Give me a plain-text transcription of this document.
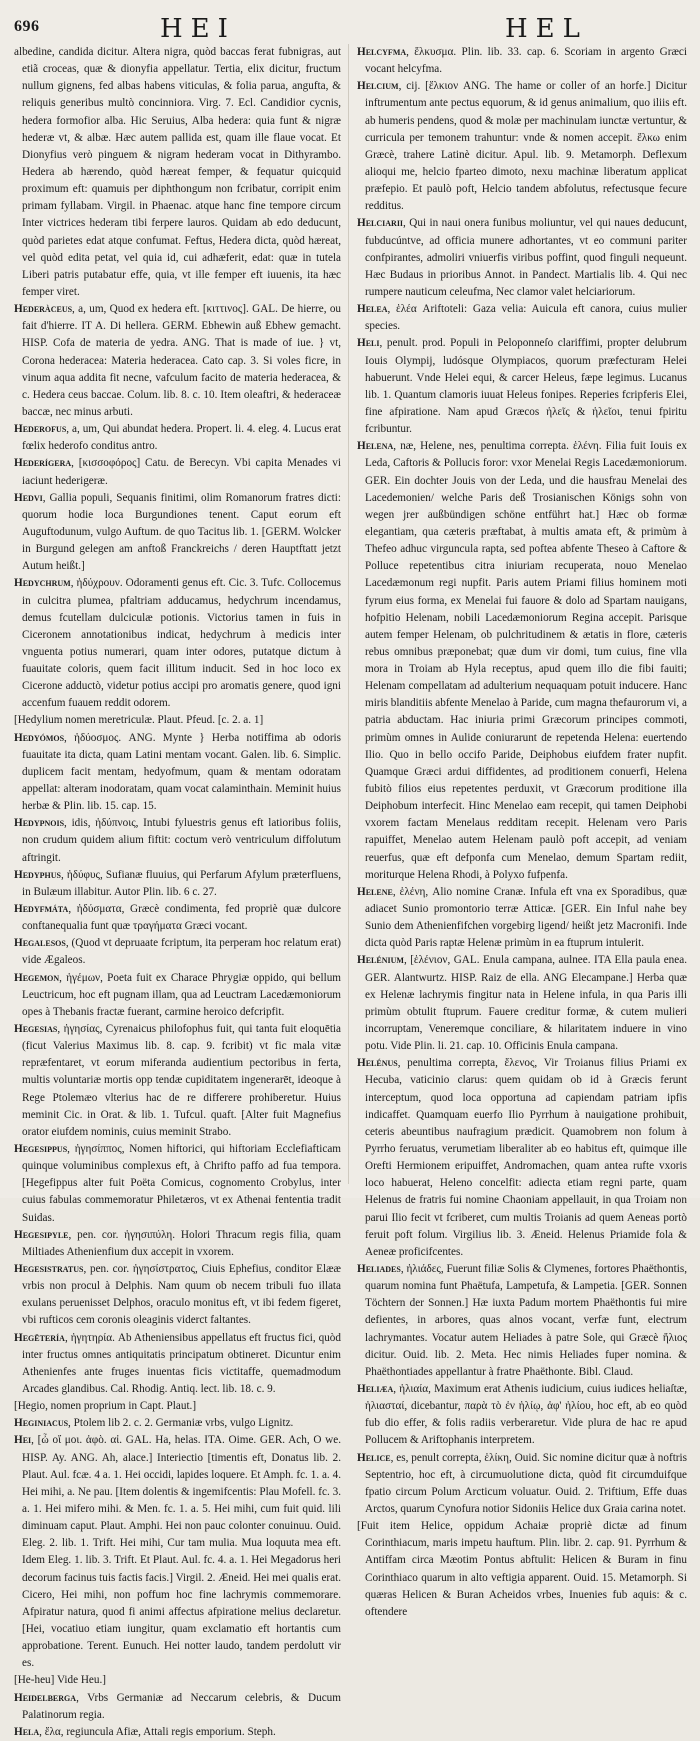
696	HEI	HEL

albedine, candida dicitur. Altera nigra, quòd baccas ferat fubnigras, aut etiã croceas, quæ & dionyfia appellatur. Tertia, elix dicitur, fructum nullum gignens, fed albas habens viticulas, & folia parua, angufta, & reliquis generibus multò concinniora. Virg. 7. Ecl. Candidior cycnis, hedera formofior alba. Hic Seruius, Alba hedera: quia funt & nigræ hederæ vt, & albæ. Hæc autem pallida est, quam ille flaue vocat. Et Dionyfius verò pinguem & nigram hederam vocat in Dithyrambo. Hedera ab hærendo, quòd hæreat femper, & fequatur quicquid proximum eft: quamuis per diphthongum non fcribatur, corripit enim primam fyllabam. Virgil. in Phaenac. atque hanc fine tempore circum Inter victrices hederam tibi ferpere lauros. Quidam ab edo deducunt, quòd parietes edat atque confumat. Feftus, Hedera dicta, quòd hæreat, vel quòd edita petat, vel quia id, cui adhæferit, edat: quæ in tutela Liberi patris putabatur effe, quia, vt ille femper eft iuuenis, ita hæc femper viret.

Hederàceus, a, um, Quod ex hedera eft. [κιττινος]. GAL. De hierre, ou fait d'hierre. IT A. Di hellera. GERM. Ebhewin auß Ebhew gemacht. HISP. Cofa de materia de yedra. ANG. That is made of iue. } vt, Corona hederacea: Materia hederacea. Cato cap. 3. Si voles ficre, in vinum aqua addita fit necne, vafculum facito de materia hederacea, & c. Hedera ceus baccae. Colum. lib. 8. c. 10. Item oleaftri, & hederaceæ baccæ, nec minus arbuti.

Hederofus, a, um, Qui abundat hedera. Propert. li. 4. eleg. 4. Lucus erat fœlix hederofo conditus antro.

Hederígera, [κισσοφόρος] Catu. de Berecyn. Vbi capita Menades vi iaciunt hederigeræ.

Hedvi, Gallia populi, Sequanis finitimi, olim Romanorum fratres dicti: quorum hodie loca Burgundiones tenent. Caput eorum eft Auguftodunum, vulgo Auftum. de quo Tacitus lib. 1. [GERM. Wolcker in Burgund gelegen am anftoß Franckreichs / deren Hauptftatt jetzt Autum heißt.]

Hedychrum, ἡδύχρουν. Odoramenti genus eft. Cic. 3. Tufc. Collocemus in culcitra plumea, pfaltriam adducamus, hedychrum incendamus, demus fcutellam dulciculæ potionis. Victorius tamen in fuis in Ciceronem annotationibus indicat, hedychrum à medicis inter vnguenta potius numerari, quam inter odores, putatque dictum à fuauitate coloris, quem facit illitum inducit. Sed in hoc loco ex Cicerone adductò, videtur potius accipi pro aromatis genere, quod igni accenfum fuauem reddit odorem.

[Hedylium nomen meretriculæ. Plaut. Pfeud. [c. 2. a. 1]

Hedyómos, ἡδύοσμος. ANG. Mynte } Herba notiffima ab odoris fuauitate ita dicta, quam Latini mentam vocant. Galen. lib. 6. Simplic. duplicem facit mentam, hedyofmum, quam & mentam odoratam appellat: alteram inodoratam, quam vocat calaminthain. Meminit huius herbæ & Plin. lib. 15. cap. 15.

Hedypnois, idis, ἡδύπνοις, Intubi fyluestris genus eft latioribus foliis, non crudum quidem alium fiftit: coctum verò ventriculum diffolutum aftringit.

Hedyphus, ἡδύφυς, Sufianæ fluuius, qui Perfarum Afylum præterfluens, in Bulæum illabitur. Autor Plin. lib. 6 c. 27.

Hedyfmáta, ἡδύσματα, Græcè condimenta, fed propriè quæ dulcore conftanequalia funt quæ τραγήματα Græci vocant.

Hegalesos, (Quod vt depruaate fcriptum, ita perperam hoc relatum erat) vide Ægaleos.

Hegemon, ἡγέμων, Poeta fuit ex Charace Phrygiæ oppido, qui bellum Leuctricum, hoc eft pugnam illam, qua ad Leuctram Lacedæmoniorum opes à Thebanis fractæ fuerant, carmine heroico defcripfit.

Hegesias, ἡγησίας, Cyrenaicus philofophus fuit, qui tanta fuit eloquētia (ficut Valerius Maximus lib. 8. cap. 9. fcribit) vt fic mala vitæ repræfentaret, vt eorum miferanda audientium pectoribus in ferta, multis voluntariæ mortis opp tendæ cupiditatem ingenerarēt, ideoque à Rege Ptolemæo vlterius hac de re differere prohiberetur. Huius meminit Cic. in Orat. & lib. 1. Tufcul. quaft. [Alter fuit Magnefius orator eiufdem nominis, cuius meminit Strabo.

Hegesippus, ἡγησίππος, Nomen hiftorici, qui hiftoriam Ecclefiafticam quinque voluminibus complexus eft, à Chrifto paffo ad fua tempora. [Hegefippus alter fuit Poëta Comicus, cognomento Crobylus, inter cuius fabulas commemoratur Philetæros, vt ex Athenai fententia tradit Suidas.

Hegesipyle, pen. cor. ἡγησιπύλη. Holori Thracum regis filia, quam Miltiades Athenienfium dux accepit in vxorem.

Hegesistratus, pen. cor. ἡγησίστρατος, Ciuis Ephefius, conditor Elææ vrbis non procul à Delphis. Nam quum ob necem tribuli fuo illata exulans peruenisset Delphos, oraculo monitus eft, vt ibi fedem figeret, vbi rufticos cem coronis oleaginis viderct faltantes.

Hegētería, ἡγητηρία. Ab Atheniensibus appellatus eft fructus fici, quòd inter fructus omnes antiquitatis principatum obtineret. Dicuntur enim Athenienfes ante fruges inuentas ficis victitaffe, quemadmodum Arcades glandibus. Cal. Rhodig. Antiq. lect. lib. 18. c. 9.

[Hegio, nomen proprium in Capt. Plaut.]

Heginiacus, Ptolem lib 2. c. 2. Germaniæ vrbs, vulgo Lignitz.

Hei, [ὦ οἴ μοι. ἀφὸ. αἰ. GAL. Ha, helas. ITA. Oime. GER. Ach, O we. HISP. Ay. ANG. Ah, alace.] Interiectio [timentis eft, Donatus lib. 2. Plaut. Aul. fcæ. 4 a. 1. Hei occidi, lapides loquere. Et Amph. fc. 1. a. 4. Hei mihi, a. Ne pau. [Item dolentis & ingemifcentis: Plau Mofell. fc. 3. a. 1. Hei mifero mihi. & Men. fc. 1. a. 5. Hei mihi, cum fuit quid. lili diminuam caput. Plaut. Amphi. Hei non pauc colonter conuinuu. Ouid. Eleg. 2. lib. 1. Trift. Hei mihi, Cur tam mulia. Mua loquuta mea eft. Idem Eleg. 1. lib. 3. Trift. Et Plaut. Aul. fc. 4. a. 1. Hei Megadorus heri decorum facinus tuis factis facis.] Virgil. 2. Æneid. Hei mei qualis erat. Cicero, Hei mihi, non poffum hoc fine lachrymis commemorare. Afpiratur natura, quod fi animi affectus afpiratione melius declaretur. [Hei, vocatiuo etiam iungitur, quam exclamatio eft hortantis cum approbatione. Terent. Eunuch. Hei notter laudo, tandem perdolutt vir es.

[He-heu] Vide Heu.]

Heidelberga, Vrbs Germaniæ ad Neccarum celebris, & Ducum Palatinorum regia.

Hela, ἕλα, regiuncula Afiæ, Attali regis emporium. Steph.

Helcyfma, ἕλκυσμα. Plin. lib. 33. cap. 6. Scoriam in argento Græci vocant helcyfma.

Helcium, cij. [ἕλκιον ANG. The hame or coller of an horfe.] Dicitur inftrumentum ante pectus equorum, & id genus animalium, quo iliis eft. ab humeris pendens, quod & molæ per machinulam iunctæ vertuntur, & curricula per temonem trahuntur: vnde & nomen accepit. ἕλκω enim Græcè, trahere Latinè dicitur. Apul. lib. 9. Metamorph. Deflexum alioqui me, helcio fparteo dimoto, nexu machinæ liberatum applicat præfepio. Et paulò poft, Helcio tandem abfolutus, refectusque fecure redditus.

Helciarii, Qui in naui onera funibus moliuntur, vel qui naues deducunt, fubducúntve, ad officia munere adhortantes, vt eo communi pariter confpirantes, admoliri vniuerfis viribus poffint, quod finguli nequeunt. Hæc Budaus in prioribus Annot. in Pandect. Martialis lib. 4. Qui nec rumpere nauticum celeufma, Nec clamor valet helciariorum.

Helea, ἑλέα Ariftoteli: Gaza velia: Auicula eft canora, cuius mulier species.

Heli, penult. prod. Populi in Peloponneſo clariffimi, propter delubrum Iouis Olympij, ludósque Olympiacos, quorum præfecturam Helei habuerunt. Vnde Helei equi, & carcer Heleus, fæpe legimus. Lucanus lib. 1. Quantum clamoris iuuat Heleus fonipes. Reperies fcripferis Elei, fine afpiratione. Nam apud Græcos ἠλεῖς & ἠλεῖοι, tenui fpiritu fcribuntur.

Helena, næ, Helene, nes, penultima correpta. ἑλένη. Filia fuit Iouis ex Leda, Caftoris & Pollucis foror: vxor Menelai Regis Lacedæmoniorum. GER. Ein dochter Jouis von der Leda, und die hausfrau Menelai des Lacedemonien/ welche Paris deß Trosianischen Königs sohn von wegen jrer außbündigen schöne entführt hat.] Hæc ob formæ elegantiam, qua cæteris præftabat, à multis amata eft, & primùm à Thefeo adhuc virguncula rapta, sed poftea abfente Theseo à Caftore & Polluce repetentibus citra iniuriam recuperata, nouo Menelao Lacedæmonum regi nupfit. Paris autem Priami filius hominem moti fyrum eius forma, ex Menelai fui fauore & dolo ad Spartam nauigans, hofpitio Helenam, nobili Lacedæmoniorum Regina accepit. Parisque autem femper Helenam, ob pulchritudinem & ætatis in flore, cæteris rebus omnibus præponebat; quæ dum vir domi, tum cuius, fine vlla mora in Troiam ab Hyla receptus, apud quem illo die fibi fauiti; Helenam compellatam ad adulterium nequaquam potuit inducere. Hanc miris blanditiis abfente Menelao à Paride, cum magna thefaurorum vi, a patria abductam. Hac iniuria primi Græcorum principes commoti, primùm omnes in Aulide coniurarunt de repetenda Helena: euertendo Ilio. Quo in bello occifo Paride, Deiphobus eiufdem frater nupfit. Quamque Græci ardui diffidentes, ad proditionem conuerfi, Helena fubitò filios eius repetentes perduxit, vt Græcorum proditione illa Deiphobum interfecit. Hinc Menelao eam recepit, qui tamen Deiphobi vxorem factam Menelaus redditam recepit. Helenam vero Paris rapuiffet, Menelao autem Helenam paulò poft accepit, ad veniam reuerfus, quæ eft defponfa cum Menelao, demum Spartam rediit, moriturque Helena Rhodi, à Polyxo fufpenfa.

Helene, ἑλένη, Alio nomine Cranæ. Infula eft vna ex Sporadibus, quæ adiacet Sunio promontorio terræ Atticæ. [GER. Ein Inful nahe bey Sunio dem Athenienfifchen vorgebirg ligend/ heißt jetz Macronifi. Inde dicta quòd Paris raptæ Helenæ primùm in ea ftuprum intulerit.

Helénium, [ἑλένιον, GAL. Enula campana, aulnee. ITA Ella paula enea. GER. Alantwurtz. HISP. Raiz de ella. ANG Elecampane.] Herba quæ ex Helenæ lachrymis fingitur nata in Helene infula, in qua Paris illi primùm obtulit ftuprum. Fauere creditur formæ, & cutem mulieri incorruptam, Veneremque conciliare, & hilaritatem induere in vino potu. Vide Plin. li. 21. cap. 10. Officinis Enula campana.

Helénus, penultima correpta, ἕλενος, Vir Troianus filius Priami ex Hecuba, vaticinio clarus: quem quidam ob id à Græcis ferunt interceptum, quod loca opportuna ad capiendam patriam ipfis indicaffet. Quamquam euerfo Ilio Pyrrhum à nauigatione prohibuit, ceteris abeuntibus naufragium prædicit. Quamobrem non folum à Pyrrho feruatus, verumetiam liberaliter ab eo habitus eft, quimque ille Orefti Hermionem eripuiffet, Andromachen, quam antea rufte vxoris loco habuerat, Heleno concelfit: adiecta etiam regni parte, quam Helenus de fratris fui nomine Chaoniam appellauit, in qua Troiam non parui Ilio fecit vt fcriberet, cum multis Troianis ad quem Aeneas portò feruit poft folum. Virgilius lib. 3. Æneid. Helenus Priamide fola & Aeneæ proficifcentes.

Heliades, ἡλιάδες, Fuerunt filiæ Solis & Clymenes, fortores Phaëthontis, quarum nomina funt Phaëtufa, Lampetufa, & Lampetia. [GER. Sonnen Töchtern der Sonnen.] Hæ iuxta Padum mortem Phaëthontis fui mire defientes, in arbores, quas alnos vocant, verfæ funt, electrum lachrymantes. Vocatur autem Heliades à patre Sole, qui Græcè ἥλιος dicitur. Ouid. lib. 2. Meta. Hec nimis Heliades fuper nomina. & Phaëthontiades appellantur à fratre Phaëthonte. Bibl. Claud.

Heliæa, ἡλιαία, Maximum erat Athenis iudicium, cuius iudices heliaſtæ, ἡλιασταί, dicebantur, παρὰ τὸ ἐν ἡλίῳ, ἀφ' ἡλίου, hoc eft, ab eo quòd fub dio effer, & folis radiis verberaretur. Vide plura de hac re apud Pollucem & Ariftophanis interpretem.

Helice, es, penult correpta, ἑλίκη, Ouid. Sic nomine dicitur quæ à noftris Septentrio, hoc eft, à circumuolutione dicta, quòd fit circumduifque fpatio circum Polum Arcticum voluatur. Ouid. 2. Triftium, Effe duas Arctos, quarum Cynofura notior Sidoniis Helice dux Graia carina notet.

[Fuit item Helice, oppidum Achaiæ propriè dictæ ad finum Corinthiacum, maris impetu hauftum. Plin. libr. 2. cap. 91. Pyrrhum & Antiffam circa Mæotim Pontus abftulit: Helicen & Buram in finu Corinthiaco quarum in alto veftigia apparent. Ouid. 15. Metamorph. Si quæras Helicen & Buran Acheidos vrbes, Inuenies fub aquis: & c. oftendere
